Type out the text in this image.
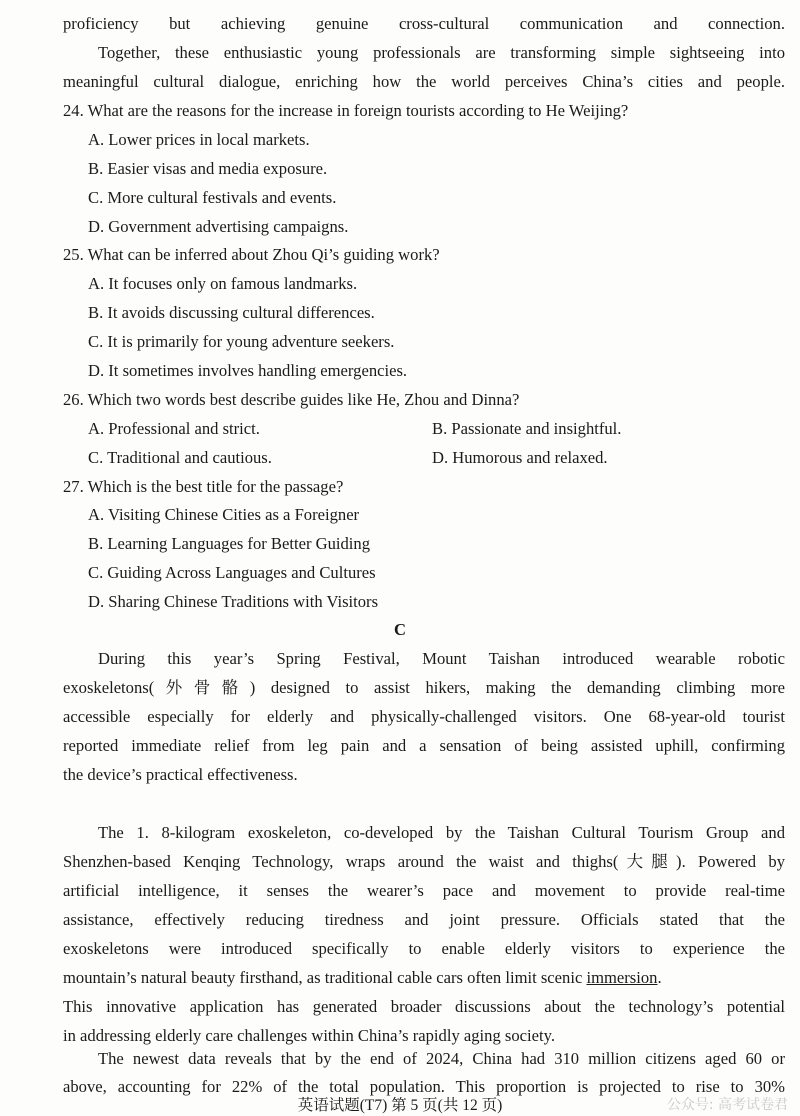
proficiency but achieving genuine cross-cultural communication and connection.
Together, these enthusiastic young professionals are transforming simple sightseeing into
meaningful cultural dialogue, enriching how the world perceives China’s cities and people.
24. What are the reasons for the increase in foreign tourists according to He Weijing?
A. Lower prices in local markets.
B. Easier visas and media exposure.
C. More cultural festivals and events.
D. Government advertising campaigns.
25. What can be inferred about Zhou Qi’s guiding work?
A. It focuses only on famous landmarks.
B. It avoids discussing cultural differences.
C. It is primarily for young adventure seekers.
D. It sometimes involves handling emergencies.
26. Which two words best describe guides like He, Zhou and Dinna?
A. Professional and strict.	B. Passionate and insightful.
C. Traditional and cautious.	D. Humorous and relaxed.
27. Which is the best title for the passage?
A. Visiting Chinese Cities as a Foreigner
B. Learning Languages for Better Guiding
C. Guiding Across Languages and Cultures
D. Sharing Chinese Traditions with Visitors
C
During this year’s Spring Festival, Mount Taishan introduced wearable robotic
exoskeletons(外骨骼) designed to assist hikers, making the demanding climbing more
accessible especially for elderly and physically-challenged visitors. One 68-year-old tourist
reported immediate relief from leg pain and a sensation of being assisted uphill, confirming
the device’s practical effectiveness.
The 1. 8-kilogram exoskeleton, co-developed by the Taishan Cultural Tourism Group and
Shenzhen-based Kenqing Technology, wraps around the waist and thighs(大腿). Powered by
artificial intelligence, it senses the wearer’s pace and movement to provide real-time
assistance, effectively reducing tiredness and joint pressure. Officials stated that the
exoskeletons were introduced specifically to enable elderly visitors to experience the
mountain’s natural beauty firsthand, as traditional cable cars often limit scenic immersion.
This innovative application has generated broader discussions about the technology’s potential
in addressing elderly care challenges within China’s rapidly aging society.
The newest data reveals that by the end of 2024, China had 310 million citizens aged 60 or
above, accounting for 22% of the total population. This proportion is projected to rise to 30%
英语试题(T7) 第 5 页(共 12 页)	公众号: 高考试卷君
